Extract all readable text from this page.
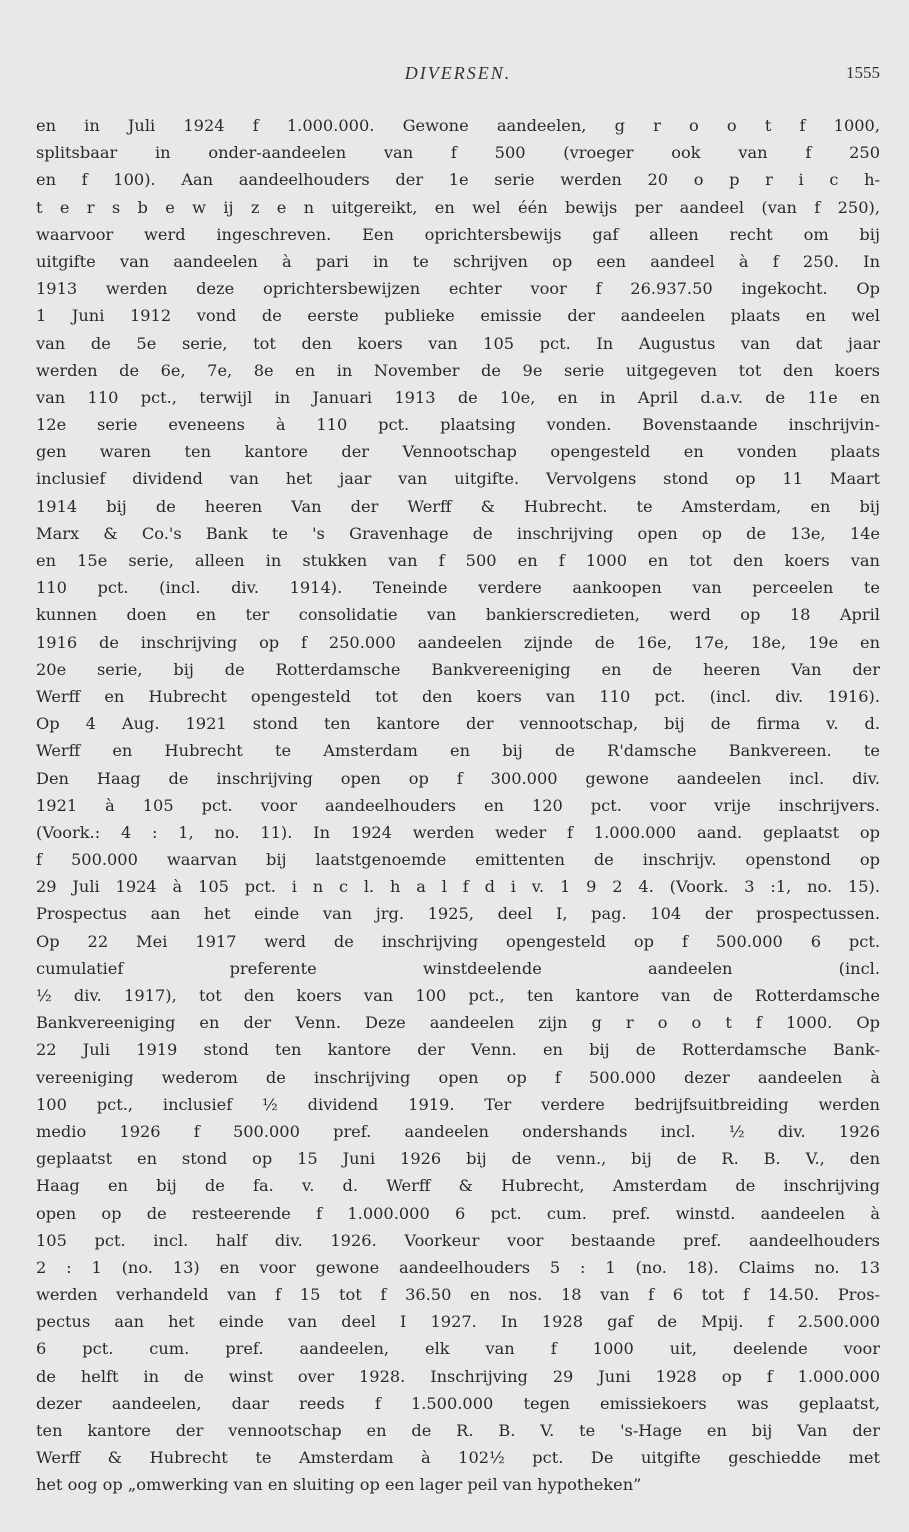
DIVERSEN.	1555
en in Juli 1924 f 1.000.000. Gewone aandeelen, g r o o t f 1000,
splitsbaar in onder-aandeelen van f 500 (vroeger ook van f 250
en f 100). Aan aandeelhouders der 1e serie werden 20 o p r i c h-
t e r s b e w ij z e n uitgereikt, en wel één bewijs per aandeel (van f 250),
waarvoor werd ingeschreven. Een oprichtersbewijs gaf alleen recht om bij
uitgifte van aandeelen à pari in te schrijven op een aandeel à f 250. In
1913 werden deze oprichtersbewijzen echter voor f 26.937.50 ingekocht. Op
1 Juni 1912 vond de eerste publieke emissie der aandeelen plaats en wel
van de 5e serie, tot den koers van 105 pct. In Augustus van dat jaar
werden de 6e, 7e, 8e en in November de 9e serie uitgegeven tot den koers
van 110 pct., terwijl in Januari 1913 de 10e, en in April d.a.v. de 11e en
12e serie eveneens à 110 pct. plaatsing vonden. Bovenstaande inschrijvin-
gen waren ten kantore der Vennootschap opengesteld en vonden plaats
inclusief dividend van het jaar van uitgifte. Vervolgens stond op 11 Maart
1914 bij de heeren Van der Werff & Hubrecht. te Amsterdam, en bij
Marx & Co.'s Bank te 's Gravenhage de inschrijving open op de 13e, 14e
en 15e serie, alleen in stukken van f 500 en f 1000 en tot den koers van
110 pct. (incl. div. 1914). Teneinde verdere aankoopen van perceelen te
kunnen doen en ter consolidatie van bankierscredieten, werd op 18 April
1916 de inschrijving op f 250.000 aandeelen zijnde de 16e, 17e, 18e, 19e en
20e serie, bij de Rotterdamsche Bankvereeniging en de heeren Van der
Werff en Hubrecht opengesteld tot den koers van 110 pct. (incl. div. 1916).
Op 4 Aug. 1921 stond ten kantore der vennootschap, bij de firma v. d.
Werff en Hubrecht te Amsterdam en bij de R'damsche Bankvereen. te
Den Haag de inschrijving open op f 300.000 gewone aandeelen incl. div.
1921 à 105 pct. voor aandeelhouders en 120 pct. voor vrije inschrijvers.
(Voork.: 4 : 1, no. 11). In 1924 werden weder f 1.000.000 aand. geplaatst op
f 500.000 waarvan bij laatstgenoemde emittenten de inschrijv. openstond op
29 Juli 1924 à 105 pct. i n c l. h a l f d i v. 1 9 2 4. (Voork. 3 :1, no. 15).
Prospectus aan het einde van jrg. 1925, deel I, pag. 104 der prospectussen.
Op 22 Mei 1917 werd de inschrijving opengesteld op f 500.000 6 pct.
cumulatief preferente winstdeelende aandeelen (incl.
½ div. 1917), tot den koers van 100 pct., ten kantore van de Rotterdamsche
Bankvereeniging en der Venn. Deze aandeelen zijn g r o o t f 1000. Op
22 Juli 1919 stond ten kantore der Venn. en bij de Rotterdamsche Bank-
vereeniging wederom de inschrijving open op f 500.000 dezer aandeelen à
100 pct., inclusief ½ dividend 1919. Ter verdere bedrijfsuitbreiding werden
medio 1926 f 500.000 pref. aandeelen ondershands incl. ½ div. 1926
geplaatst en stond op 15 Juni 1926 bij de venn., bij de R. B. V., den
Haag en bij de fa. v. d. Werff & Hubrecht, Amsterdam de inschrijving
open op de resteerende f 1.000.000 6 pct. cum. pref. winstd. aandeelen à
105 pct. incl. half div. 1926. Voorkeur voor bestaande pref. aandeelhouders
2 : 1 (no. 13) en voor gewone aandeelhouders 5 : 1 (no. 18). Claims no. 13
werden verhandeld van f 15 tot f 36.50 en nos. 18 van f 6 tot f 14.50. Pros-
pectus aan het einde van deel I 1927. In 1928 gaf de Mpij. f 2.500.000
6 pct. cum. pref. aandeelen, elk van f 1000 uit, deelende voor
de helft in de winst over 1928. Inschrijving 29 Juni 1928 op f 1.000.000
dezer aandeelen, daar reeds f 1.500.000 tegen emissiekoers was geplaatst,
ten kantore der vennootschap en de R. B. V. te 's-Hage en bij Van der
Werff & Hubrecht te Amsterdam à 102½ pct. De uitgifte geschiedde met
het oog op „omwerking van en sluiting op een lager peil van hypotheken”
